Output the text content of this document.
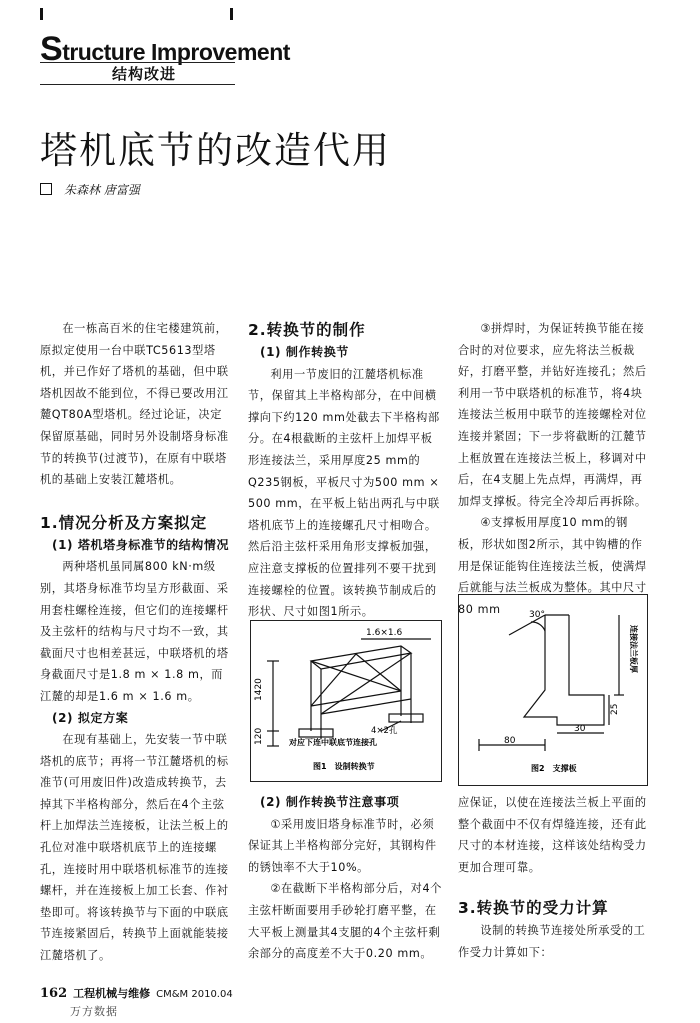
Structure Improvement
结构改进
塔机底节的改造代用
朱森林 唐富强

在一栋高百米的住宅楼建筑前，原拟定使用一台中联TC5613型塔机，并已作好了塔机的基础，但中联塔机因故不能到位，不得已要改用江麓QT80A型塔机。经过论证，决定保留原基础，同时另外设制塔身标准节的转换节(过渡节)，在原有中联塔机的基础上安装江麓塔机。

1.情况分析及方案拟定

(1) 塔机塔身标准节的结构情况

两种塔机虽同属800 kN·m级别，其塔身标准节均呈方形截面、采用套柱螺栓连接，但它们的连接螺杆及主弦杆的结构与尺寸均不一致，其截面尺寸也相差甚远，中联塔机的塔身截面尺寸是1.8 m × 1.8 m，而江麓的却是1.6 m × 1.6 m。

(2) 拟定方案

在现有基础上，先安装一节中联塔机的底节；再将一节江麓塔机的标准节(可用废旧件)改造成转换节，去掉其下半格构部分，然后在4个主弦杆上加焊法兰连接板，让法兰板上的孔位对准中联塔机底节上的连接螺孔，连接时用中联塔机标准节的连接螺杆，并在连接板上加工长套、作衬垫即可。将该转换节与下面的中联底节连接紧固后，转换节上面就能装接江麓塔机了。

2.转换节的制作

(1) 制作转换节

利用一节废旧的江麓塔机标准节，保留其上半格构部分，在中间横撑向下约120 mm处截去下半格构部分。在4根截断的主弦杆上加焊平板形连接法兰，采用厚度25 mm的Q235钢板，平板尺寸为500 mm × 500 mm，在平板上钻出两孔与中联塔机底节上的连接螺孔尺寸相吻合。然后沿主弦杆采用角形支撑板加强，应注意支撑板的位置排列不要干扰到连接螺栓的位置。该转换节制成后的形状、尺寸如图1所示。

(2) 制作转换节注意事项

①采用废旧塔身标准节时，必须保证其上半格构部分完好，其钢构件的锈蚀率不大于10%。

②在截断下半格构部分后，对4个主弦杆断面要用手砂轮打磨平整，在大平板上测量其4支腿的4个主弦杆剩余部分的高度差不大于0.20 mm。

1.6×1.6
1420
120	4×2孔
对应下连中联底节连接孔
图1　设制转换节

③拼焊时，为保证转换节能在接合时的对位要求，应先将法兰板裁好，打磨平整，并钻好连接孔；然后利用一节中联塔机的标准节，将4块连接法兰板用中联节的连接螺栓对位连接并紧固；下一步将截断的江麓节上框放置在连接法兰板上，移调对中后，在4支腿上先点焊，再满焊，再加焊支撑板。待完全冷却后再拆除。

④支撑板用厚度10 mm的钢板，形状如图2所示，其中钩槽的作用是保证能钩住连接法兰板，使满焊后就能与法兰板成为整体。其中尺寸80 mm	30°
连接法兰板厚
25
30
80
图2　支撑板

应保证，以使在连接法兰板上平面的整个截面中不仅有焊缝连接，还有此尺寸的本材连接，这样该处结构受力更加合理可靠。

3.转换节的受力计算

设制的转换节连接处所承受的工作受力计算如下：

162 工程机械与维修 CM&M 2010.04
万方数据
